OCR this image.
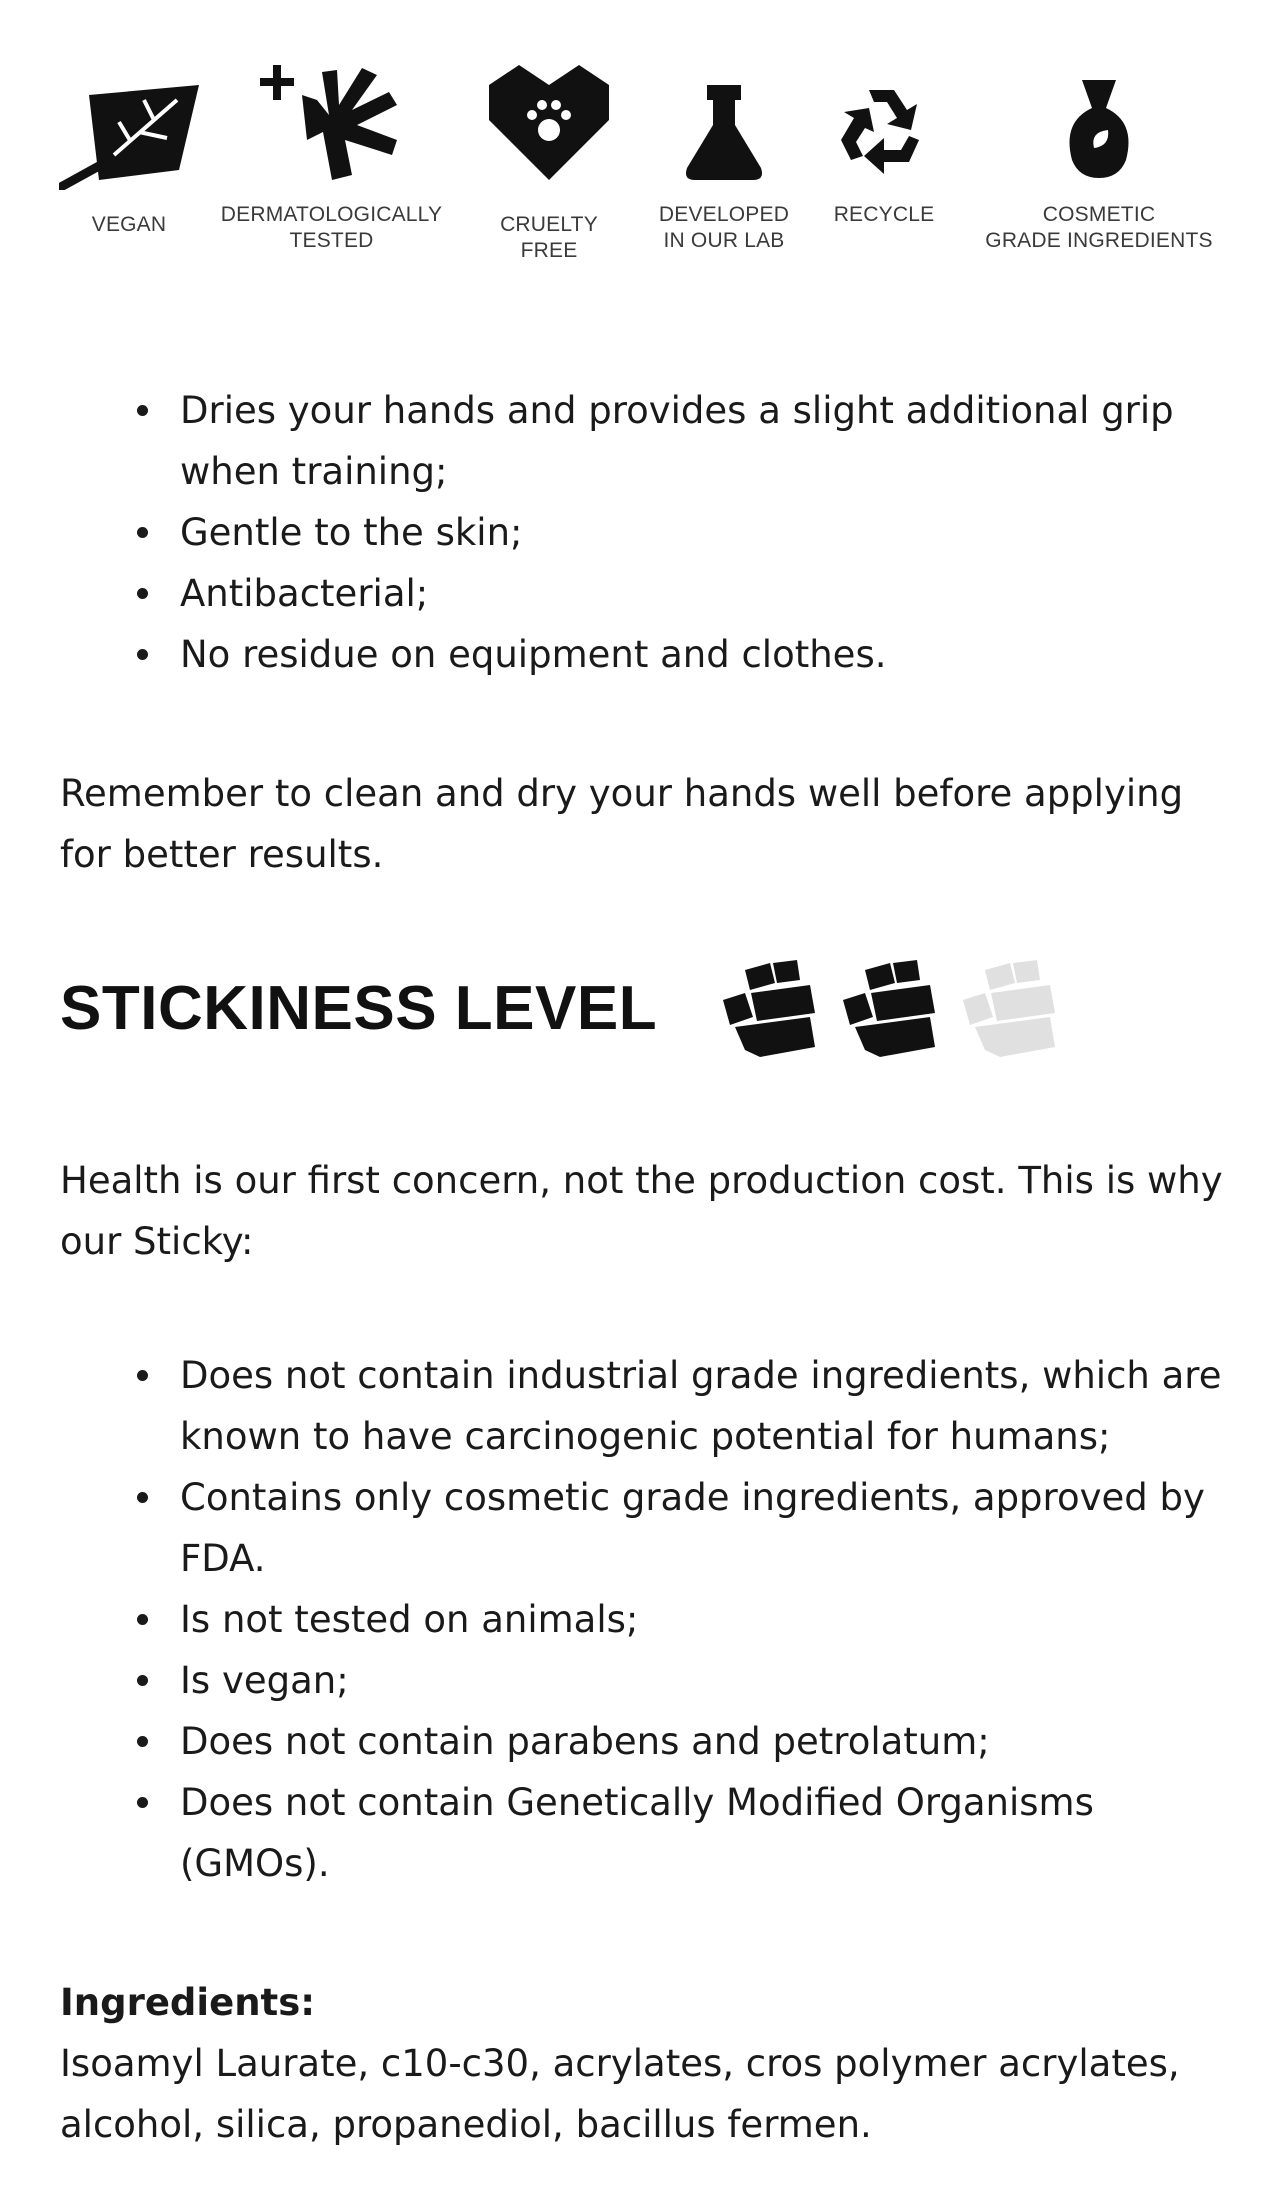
VEGAN	DERMATOLOGICALLY
TESTED
CRUELTY
FREE
DEVELOPED
IN OUR LAB
RECYCLE	COSMETIC
GRADE INGREDIENTS
Dries your hands and provides a slight additional grip when training;
Gentle to the skin;
Antibacterial;
No residue on equipment and clothes.

Remember to clean and dry your hands well before applying for better results.

STICKINESS LEVEL

Health is our first concern, not the production cost. This is why our Sticky:

Does not contain industrial grade ingredients, which are known to have carcinogenic potential for humans;
Contains only cosmetic grade ingredients, approved by FDA.
Is not tested on animals;
Is vegan;
Does not contain parabens and petrolatum;
Does not contain Genetically Modified Organisms (GMOs).

Ingredients:

Isoamyl Laurate, c10-c30, acrylates, cros polymer acrylates, alcohol, silica, propanediol, bacillus fermen.
